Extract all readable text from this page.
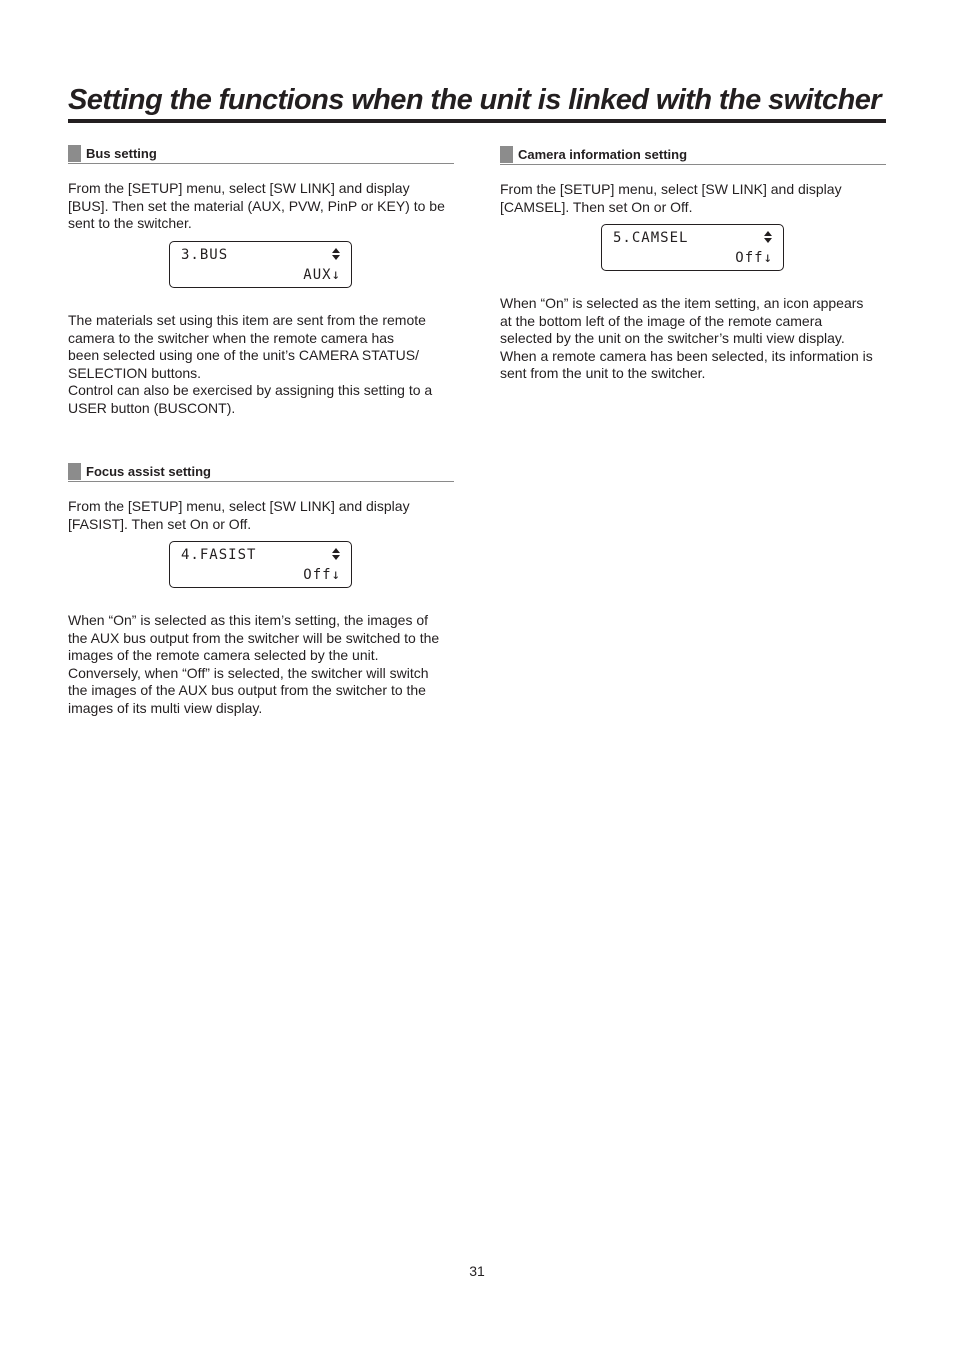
Setting the functions when the unit is linked with the switcher
Bus setting

From the [SETUP] menu, select [SW LINK] and display
[BUS]. Then set the material (AUX, PVW, PinP or KEY) to be
sent to the switcher.

3.BUS
AUX↓

The materials set using this item are sent from the remote
camera to the switcher when the remote camera has
been selected using one of the unit’s CAMERA STATUS/
SELECTION buttons.
Control can also be exercised by assigning this setting to a
USER button (BUSCONT).

Focus assist setting

From the [SETUP] menu, select [SW LINK] and display
[FASIST]. Then set On or Off.

4.FASIST
Off↓

When “On” is selected as this item’s setting, the images of
the AUX bus output from the switcher will be switched to the
images of the remote camera selected by the unit.
Conversely, when “Off” is selected, the switcher will switch
the images of the AUX bus output from the switcher to the
images of its multi view display.

Camera information setting

From the [SETUP] menu, select [SW LINK] and display
[CAMSEL]. Then set On or Off.

5.CAMSEL
Off↓

When “On” is selected as the item setting, an icon appears
at the bottom left of the image of the remote camera
selected by the unit on the switcher’s multi view display.
When a remote camera has been selected, its information is
sent from the unit to the switcher.

31
